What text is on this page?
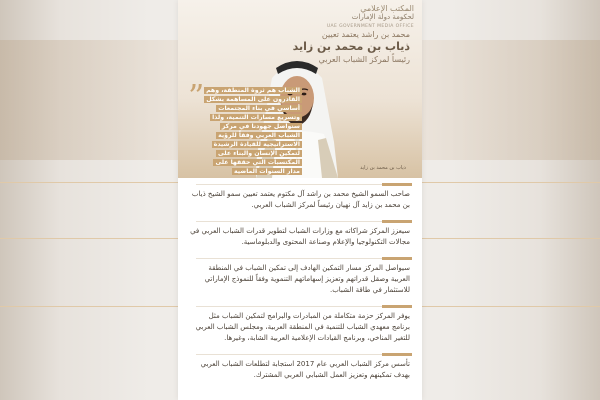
المكتب الإعلامي
لحكومة دولة الإمارات
UAE GOVERNMENT MEDIA OFFICE
محمد بن راشد يعتمد تعيين
ذياب بن محمد بن زايد
رئيساً لمركز الشباب العربي
” الشباب هم ثروة المنطقة، وهم
القادرون على المساهمة بشكل
أساسي في بناء المجتمعات
وتسريع مسارات التنمية، ولذا
سنواصل جهودنا في مركز
الشباب العربي وفقاً للرؤية
الاستراتيجية للقيادة الرشيدة
لتمكين الإنسان والبناء على
المكتسبات التي حققها على
مدار السنوات الماضية	ذياب بن محمد بن زايد

صاحب السمو الشيخ محمد بن راشد آل مكتوم يعتمد تعيين سمو الشيخ ذياب بن محمد بن زايد آل نهيان رئيساً لمركز الشباب العربي.

سيعزز المركز شراكاته مع وزارات الشباب لتطوير قدرات الشباب العربي في مجالات التكنولوجيا والإعلام وصناعة المحتوى والدبلوماسية.

سيواصل المركز مسار التمكين الهادف إلى تمكين الشباب في المنطقة العربية وصقل قدراتهم وتعزيز إسهاماتهم التنموية وفقاً للنموذج الإماراتي للاستثمار في طاقة الشباب.

يوفر المركز حزمة متكاملة من المبادرات والبرامج لتمكين الشباب مثل برنامج معهدي الشباب للتنمية في المنطقة العربية، ومجلس الشباب العربي للتغير المناخي، وبرنامج القيادات الإعلامية العربية الشابة، وغيرها.

تأسس مركز الشباب العربي عام 2017 استجابة لتطلعات الشباب العربي بهدف تمكينهم وتعزيز العمل الشبابي العربي المشترك.
